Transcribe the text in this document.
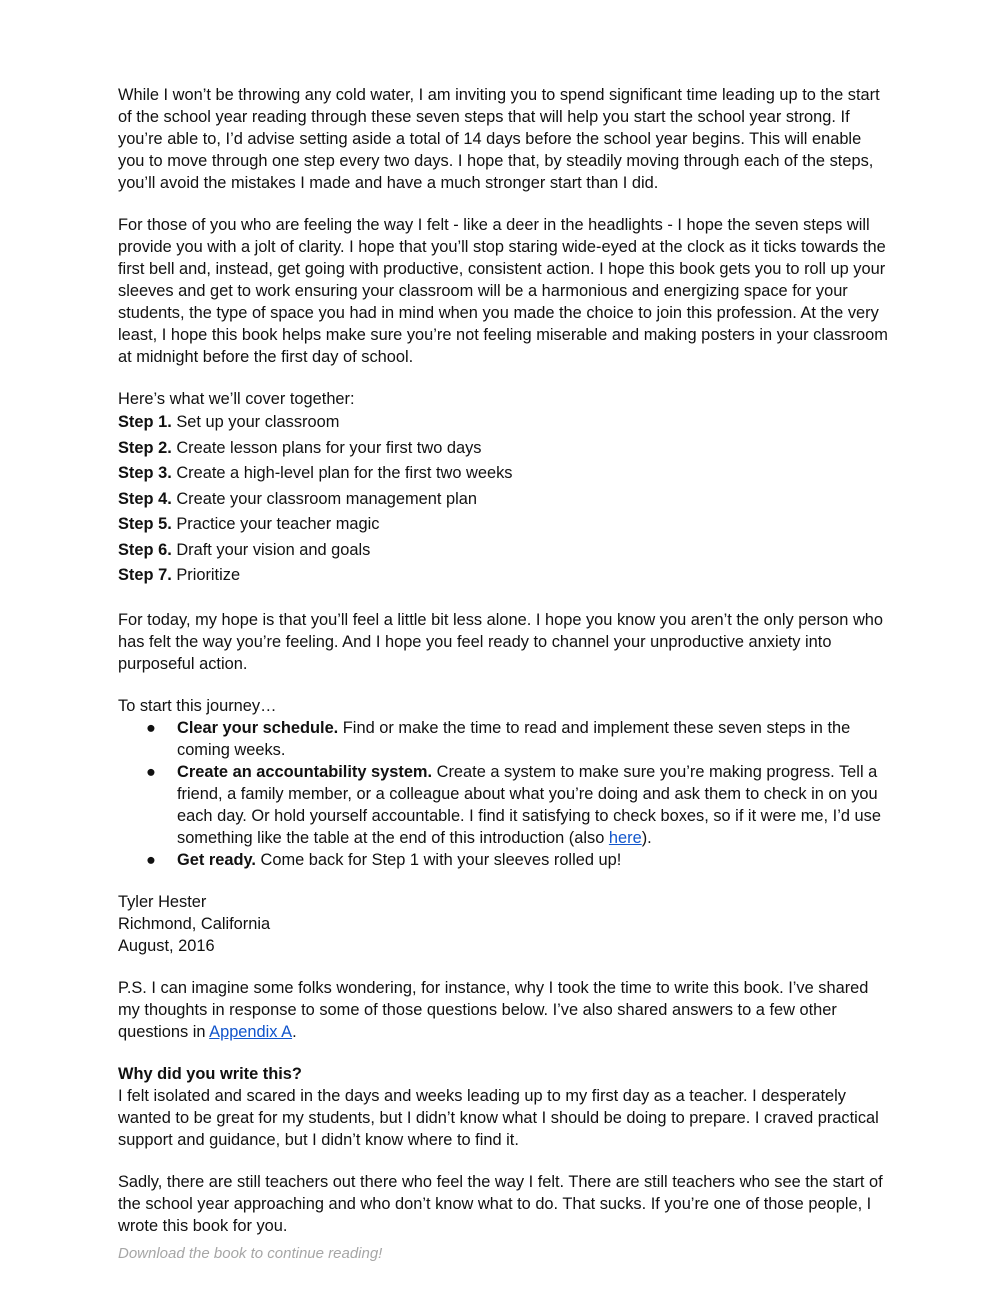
While I won’t be throwing any cold water, I am inviting you to spend significant time leading up to the start of the school year reading through these seven steps that will help you start the school year strong. If you’re able to, I’d advise setting aside a total of 14 days before the school year begins. This will enable you to move through one step every two days. I hope that, by steadily moving through each of the steps, you’ll avoid the mistakes I made and have a much stronger start than I did.

For those of you who are feeling the way I felt - like a deer in the headlights - I hope the seven steps will provide you with a jolt of clarity. I hope that you’ll stop staring wide-eyed at the clock as it ticks towards the first bell and, instead, get going with productive, consistent action. I hope this book gets you to roll up your sleeves and get to work ensuring your classroom will be a harmonious and energizing space for your students, the type of space you had in mind when you made the choice to join this profession. At the very least, I hope this book helps make sure you’re not feeling miserable and making posters in your classroom at midnight before the first day of school.

Here’s what we’ll cover together:
Step 1. Set up your classroom
Step 2. Create lesson plans for your first two days
Step 3. Create a high-level plan for the first two weeks
Step 4. Create your classroom management plan
Step 5. Practice your teacher magic
Step 6. Draft your vision and goals
Step 7. Prioritize

For today, my hope is that you’ll feel a little bit less alone. I hope you know you aren’t the only person who has felt the way you’re feeling. And I hope you feel ready to channel your unproductive anxiety into purposeful action.

To start this journey…
● Clear your schedule. Find or make the time to read and implement these seven steps in the coming weeks.
● Create an accountability system. Create a system to make sure you’re making progress. Tell a friend, a family member, or a colleague about what you’re doing and ask them to check in on you each day. Or hold yourself accountable. I find it satisfying to check boxes, so if it were me, I’d use something like the table at the end of this introduction (also here).
● Get ready. Come back for Step 1 with your sleeves rolled up!
Tyler Hester
Richmond, California
August, 2016

P.S. I can imagine some folks wondering, for instance, why I took the time to write this book. I’ve shared my thoughts in response to some of those questions below. I’ve also shared answers to a few other questions in Appendix A.

Why did you write this?

I felt isolated and scared in the days and weeks leading up to my first day as a teacher. I desperately wanted to be great for my students, but I didn’t know what I should be doing to prepare. I craved practical support and guidance, but I didn’t know where to find it.

Sadly, there are still teachers out there who feel the way I felt. There are still teachers who see the start of the school year approaching and who don’t know what to do. That sucks. If you’re one of those people, I wrote this book for you.

Download the book to continue reading!
